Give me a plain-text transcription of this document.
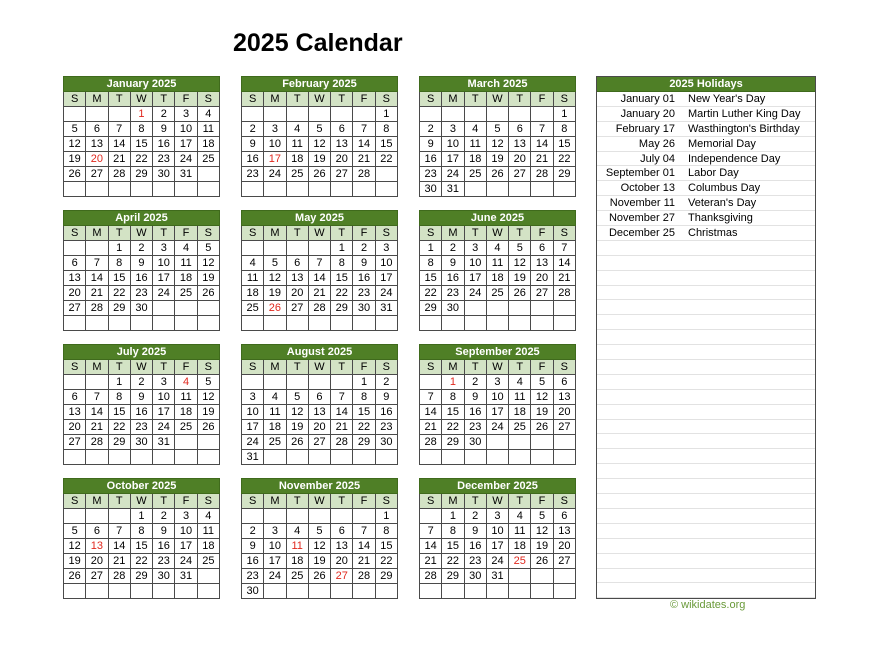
2025 Calendar
January 2025						
S	M	T	W	T	F	S
			1	2	3	4
5	6	7	8	9	10	11
12	13	14	15	16	17	18
19	20	21	22	23	24	25
26	27	28	29	30	31	

February 2025						
S	M	T	W	T	F	S
						1
2	3	4	5	6	7	8
9	10	11	12	13	14	15
16	17	18	19	20	21	22
23	24	25	26	27	28	

March 2025						
S	M	T	W	T	F	S
						1
2	3	4	5	6	7	8
9	10	11	12	13	14	15
16	17	18	19	20	21	22
23	24	25	26	27	28	29
30	31					
April 2025						
S	M	T	W	T	F	S
		1	2	3	4	5
6	7	8	9	10	11	12
13	14	15	16	17	18	19
20	21	22	23	24	25	26
27	28	29	30			

May 2025						
S	M	T	W	T	F	S
				1	2	3
4	5	6	7	8	9	10
11	12	13	14	15	16	17
18	19	20	21	22	23	24
25	26	27	28	29	30	31

June 2025						
S	M	T	W	T	F	S
1	2	3	4	5	6	7
8	9	10	11	12	13	14
15	16	17	18	19	20	21
22	23	24	25	26	27	28
29	30					

July 2025						
S	M	T	W	T	F	S
		1	2	3	4	5
6	7	8	9	10	11	12
13	14	15	16	17	18	19
20	21	22	23	24	25	26
27	28	29	30	31		

August 2025						
S	M	T	W	T	F	S
					1	2
3	4	5	6	7	8	9
10	11	12	13	14	15	16
17	18	19	20	21	22	23
24	25	26	27	28	29	30
31						
September 2025						
S	M	T	W	T	F	S
	1	2	3	4	5	6
7	8	9	10	11	12	13
14	15	16	17	18	19	20
21	22	23	24	25	26	27
28	29	30				

October 2025						
S	M	T	W	T	F	S
			1	2	3	4
5	6	7	8	9	10	11
12	13	14	15	16	17	18
19	20	21	22	23	24	25
26	27	28	29	30	31	

November 2025						
S	M	T	W	T	F	S
						1
2	3	4	5	6	7	8
9	10	11	12	13	14	15
16	17	18	19	20	21	22
23	24	25	26	27	28	29
30						
December 2025						
S	M	T	W	T	F	S
	1	2	3	4	5	6
7	8	9	10	11	12	13
14	15	16	17	18	19	20
21	22	23	24	25	26	27
28	29	30	31			

2025 Holidays
January 01 New Year's Day
January 20 Martin Luther King Day
February 17 Wasthington's Birthday
May 26 Memorial Day
July 04 Independence Day
September 01 Labor Day
October 13 Columbus Day
November 11 Veteran's Day
November 27 Thanksgiving
December 25 Christmas
© wikidates.org
